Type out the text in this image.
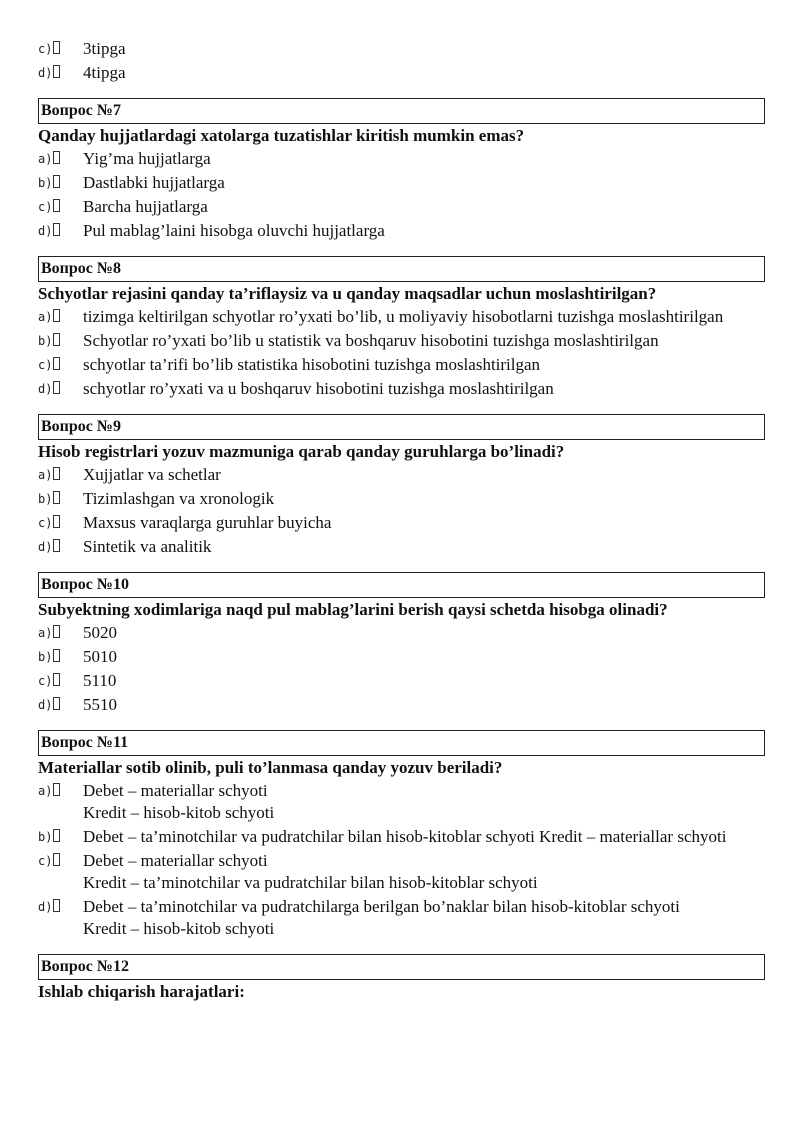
c)	3tipga
d)	4tipga
Вопрос №7
Qanday hujjatlardagi xatolarga tuzatishlar kiritish mumkin emas?
a)	Yig’ma hujjatlarga
b)	Dastlabki hujjatlarga
c)	Barcha hujjatlarga
d)	Pul mablag’laini hisobga oluvchi hujjatlarga
Вопрос №8
Schyotlar rejasini qanday ta’riflaysiz va u qanday maqsadlar uchun moslashtirilgan?
a)	tizimga keltirilgan schyotlar ro’yxati bo’lib, u moliyaviy hisobotlarni tuzishga moslashtirilgan
b)	Schyotlar ro’yxati bo’lib u statistik va boshqaruv hisobotini tuzishga moslashtirilgan
c)	schyotlar ta’rifi bo’lib statistika hisobotini tuzishga moslashtirilgan
d)	schyotlar ro’yxati va u boshqaruv hisobotini tuzishga moslashtirilgan
Вопрос №9
Hisob registrlari yozuv mazmuniga qarab qanday guruhlarga bo’linadi?
a)	Xujjatlar va schetlar
b)	Tizimlashgan va xronologik
c)	Maxsus varaqlarga guruhlar buyicha
d)	Sintetik va analitik
Вопрос №10
Subyektning xodimlariga naqd pul mablag’larini berish qaysi schetda hisobga olinadi?
a)	5020
b)	5010
c)	5110
d)	5510
Вопрос №11
Materiallar sotib olinib, puli to’lanmasa qanday yozuv beriladi?
a)	Debet – materiallar schyoti
Kredit – hisob-kitob schyoti
b)	Debet – ta’minotchilar va pudratchilar bilan hisob-kitoblar schyoti Kredit – materiallar schyoti
c)	Debet – materiallar schyoti
Kredit – ta’minotchilar va pudratchilar bilan hisob-kitoblar schyoti
d)	Debet – ta’minotchilar va pudratchilarga berilgan bo’naklar bilan hisob-kitoblar schyoti
Kredit – hisob-kitob schyoti
Вопрос №12
Ishlab chiqarish harajatlari:
